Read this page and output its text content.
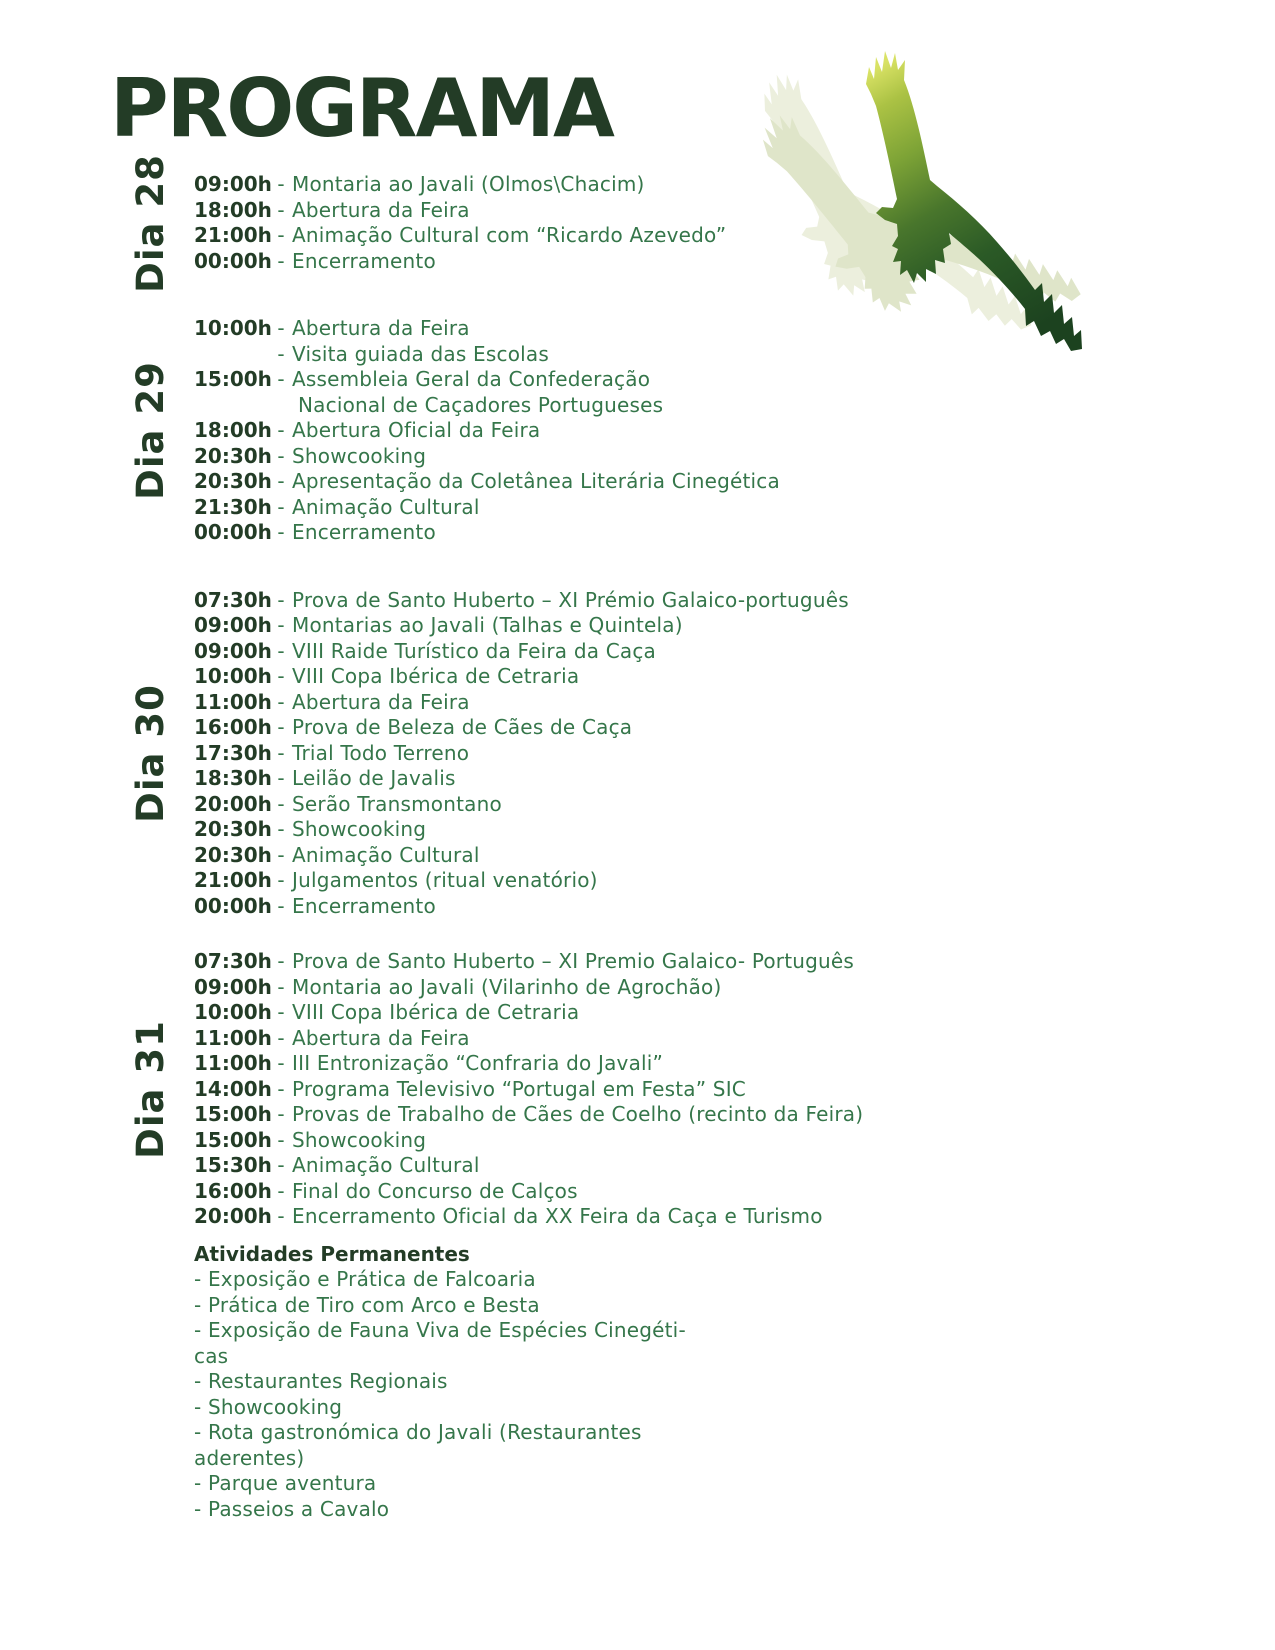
PROGRAMA
Dia 28 09:00h - Montaria ao Javali (Olmos\Chacim)
18:00h - Abertura da Feira
21:00h - Animação Cultural com “Ricardo Azevedo”
00:00h - Encerramento
Dia 29
10:00h - Abertura da Feira
- Visita guiada das Escolas
15:00h - Assembleia Geral da Confederação
Nacional de Caçadores Portugueses
18:00h - Abertura Oficial da Feira
20:30h - Showcooking
20:30h - Apresentação da Coletânea Literária Cinegética
21:30h - Animação Cultural
00:00h - Encerramento
Dia 30
07:30h - Prova de Santo Huberto – XI Prémio Galaico-português
09:00h - Montarias ao Javali (Talhas e Quintela)
09:00h - VIII Raide Turístico da Feira da Caça
10:00h - VIII Copa Ibérica de Cetraria
11:00h - Abertura da Feira
16:00h - Prova de Beleza de Cães de Caça
17:30h - Trial Todo Terreno
18:30h - Leilão de Javalis
20:00h - Serão Transmontano
20:30h - Showcooking
20:30h - Animação Cultural
21:00h - Julgamentos (ritual venatório)
00:00h - Encerramento
Dia 31
07:30h - Prova de Santo Huberto – XI Premio Galaico- Português
09:00h - Montaria ao Javali (Vilarinho de Agrochão)
10:00h - VIII Copa Ibérica de Cetraria
11:00h - Abertura da Feira
11:00h - III Entronização “Confraria do Javali”
14:00h - Programa Televisivo “Portugal em Festa” SIC
15:00h - Provas de Trabalho de Cães de Coelho (recinto da Feira)
15:00h - Showcooking
15:30h - Animação Cultural
16:00h - Final do Concurso de Calços
20:00h - Encerramento Oficial da XX Feira da Caça e Turismo
Atividades Permanentes
- Exposição e Prática de Falcoaria
- Prática de Tiro com Arco e Besta
- Exposição de Fauna Viva de Espécies Cinegéti-
cas
- Restaurantes Regionais
- Showcooking
- Rota gastronómica do Javali (Restaurantes
aderentes)
- Parque aventura
- Passeios a Cavalo
